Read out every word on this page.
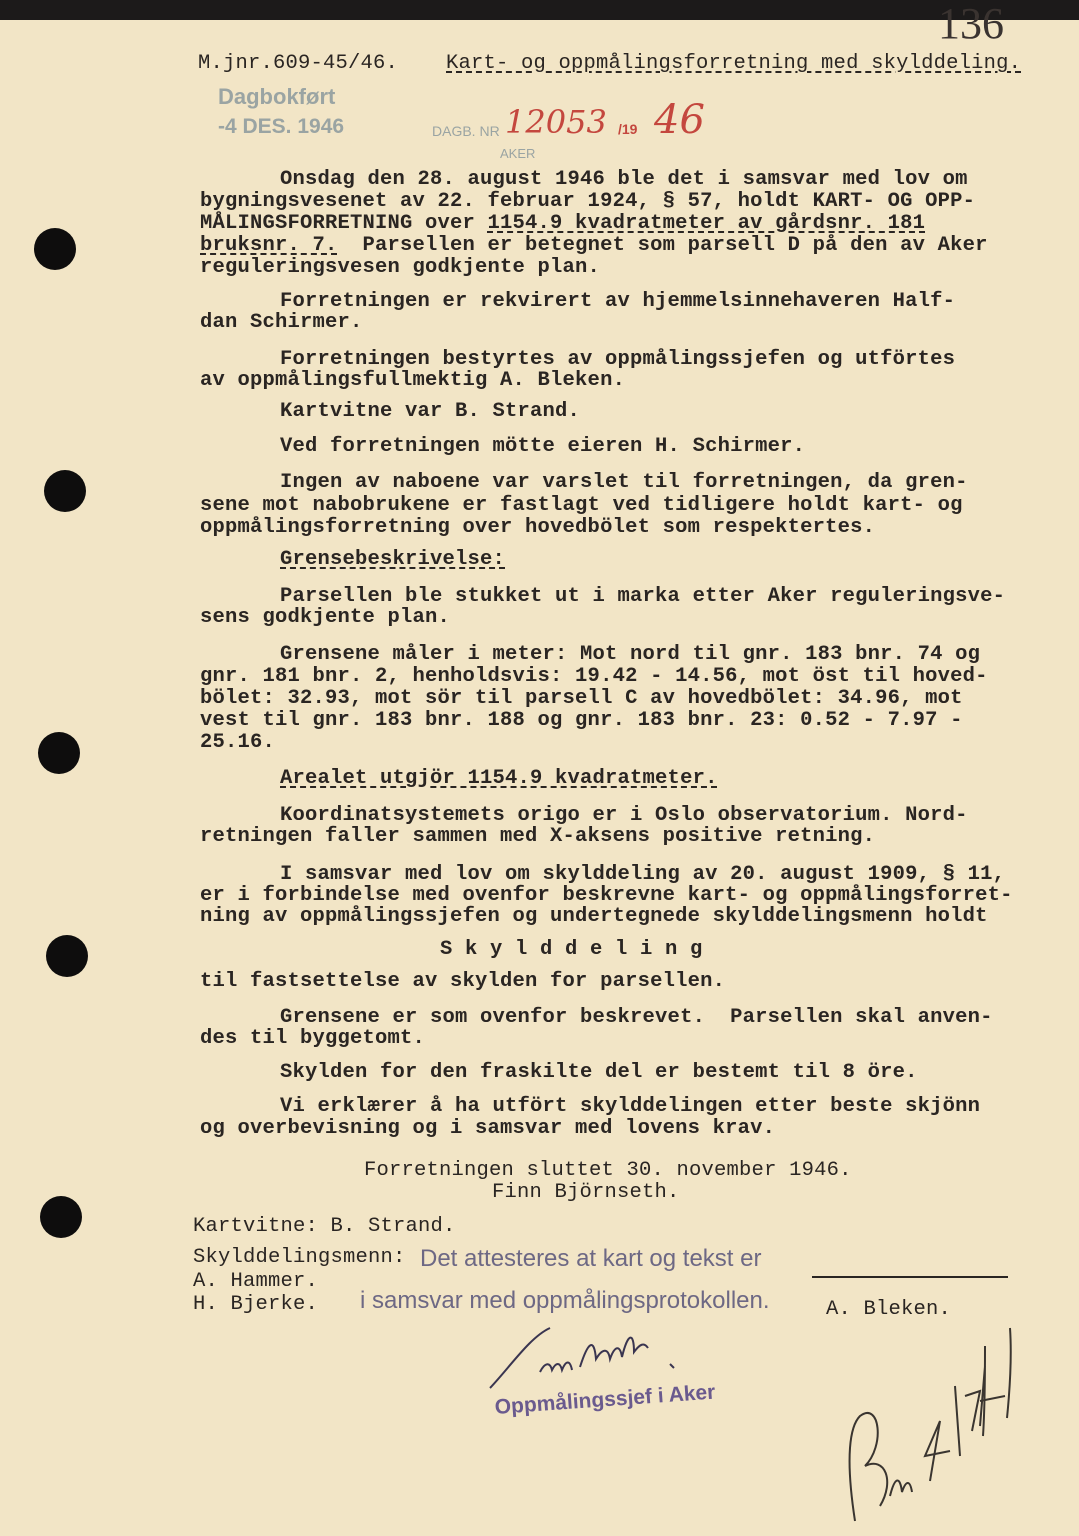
136
M.jnr.609-45/46. Kart- og oppmålingsforretning med skylddeling.
Dagbokført
-4 DES. 1946	DAGB. NR 12053 /19 46
AKER
Onsdag den 28. august 1946 ble det i samsvar med lov om
bygningsvesenet av 22. februar 1924, § 57, holdt KART- OG OPP-
MÅLINGSFORRETNING over 1154.9 kvadratmeter av gårdsnr. 181
bruksnr. 7.  Parsellen er betegnet som parsell D på den av Aker
reguleringsvesen godkjente plan.
Forretningen er rekvirert av hjemmelsinnehaveren Half-
dan Schirmer.
Forretningen bestyrtes av oppmålingssjefen og utförtes
av oppmålingsfullmektig A. Bleken.
Kartvitne var B. Strand.
Ved forretningen mötte eieren H. Schirmer.
Ingen av naboene var varslet til forretningen, da gren-
sene mot nabobrukene er fastlagt ved tidligere holdt kart- og
oppmålingsforretning over hovedbölet som respektertes.
Grensebeskrivelse:
Parsellen ble stukket ut i marka etter Aker reguleringsve-
sens godkjente plan.
Grensene måler i meter: Mot nord til gnr. 183 bnr. 74 og
gnr. 181 bnr. 2, henholdsvis: 19.42 - 14.56, mot öst til hoved-
bölet: 32.93, mot sör til parsell C av hovedbölet: 34.96, mot
vest til gnr. 183 bnr. 188 og gnr. 183 bnr. 23: 0.52 - 7.97 -
25.16.
Arealet utgjör 1154.9 kvadratmeter.
Koordinatsystemets origo er i Oslo observatorium. Nord-
retningen faller sammen med X-aksens positive retning.
I samsvar med lov om skylddeling av 20. august 1909, § 11,
er i forbindelse med ovenfor beskrevne kart- og oppmålingsforret-
ning av oppmålingssjefen og undertegnede skylddelingsmenn holdt
S k y l d d e l i n g
til fastsettelse av skylden for parsellen.
Grensene er som ovenfor beskrevet.  Parsellen skal anven-
des til byggetomt.
Skylden for den fraskilte del er bestemt til 8 öre.
Vi erklærer å ha utfört skylddelingen etter beste skjönn
og overbevisning og i samsvar med lovens krav.
Forretningen sluttet 30. november 1946.
Finn Björnseth.
Kartvitne: B. Strand.
Skylddelingsmenn:
A. Hammer.
H. Bjerke.	A. Bleken.
Det attesteres at kart og tekst er
i samsvar med oppmålingsprotokollen.
Oppmålingssjef i Aker
